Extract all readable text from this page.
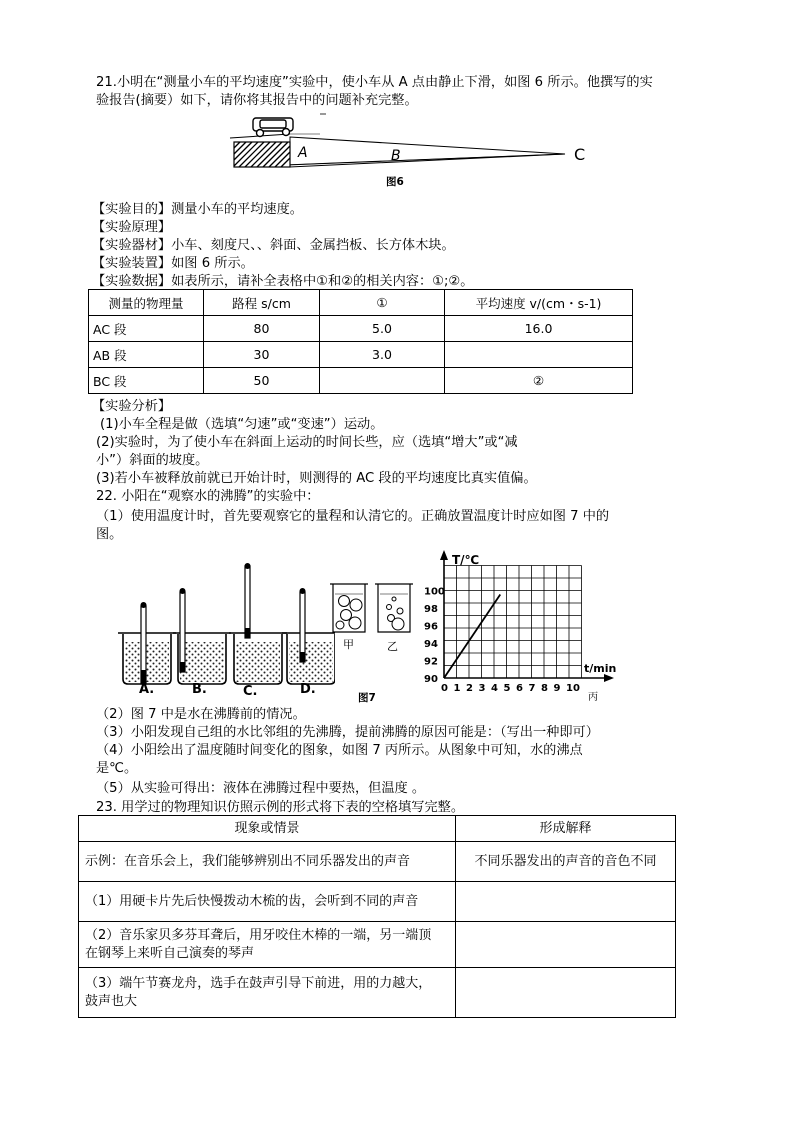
21.小明在“测量小车的平均速度”实验中，使小车从 A 点由静止下滑，如图 6 所示。他撰写的实
验报告(摘要）如下，请你将其报告中的问题补充完整。
A	B	C
图6
【实验目的】测量小车的平均速度。
【实验原理】
【实验器材】小车、刻度尺、、斜面、金属挡板、长方体木块。
【实验装置】如图 6 所示。
【实验数据】如表所示，请补全表格中①和②的相关内容：①;②。
测量的物理量	路程 s/cm	①	平均速度 v/(cm・s-1)
AC 段	80	5.0	16.0
AB 段	30	3.0	
BC 段	50		②
【实验分析】
(1)小车全程是做（选填“匀速”或“变速”）运动。
(2)实验时，为了使小车在斜面上运动的时间长些，应（选填“增大”或“减
小”）斜面的坡度。
(3)若小车被释放前就已开始计时，则测得的 AC 段的平均速度比真实值偏。
22. 小阳在“观察水的沸腾”的实验中：
（1）使用温度计时，首先要观察它的量程和认清它的。正确放置温度计时应如图 7 中的
图。
A.	B.	C.	D.
甲	乙
图7
90
92
94
96
98
100
0 1 2 3 4 5 6 7 8 9 10
T/℃
t/min
丙
（2）图 7 中是水在沸腾前的情况。
（3）小阳发现自己组的水比邻组的先沸腾，提前沸腾的原因可能是：（写出一种即可）
（4）小阳绘出了温度随时间变化的图象，如图 7 丙所示。从图象中可知，水的沸点
是℃。
（5）从实验可得出：液体在沸腾过程中要热，但温度 。
23. 用学过的物理知识仿照示例的形式将下表的空格填写完整。
现象或情景	形成解释
示例：在音乐会上，我们能够辨别出不同乐器发出的声音	不同乐器发出的声音的音色不同
（1）用硬卡片先后快慢拨动木梳的齿，会听到不同的声音	
（2）音乐家贝多芬耳聋后，用牙咬住木棒的一端，另一端顶
在钢琴上来听自己演奏的琴声	
（3）端午节赛龙舟，选手在鼓声引导下前进，用的力越大，
鼓声也大	
